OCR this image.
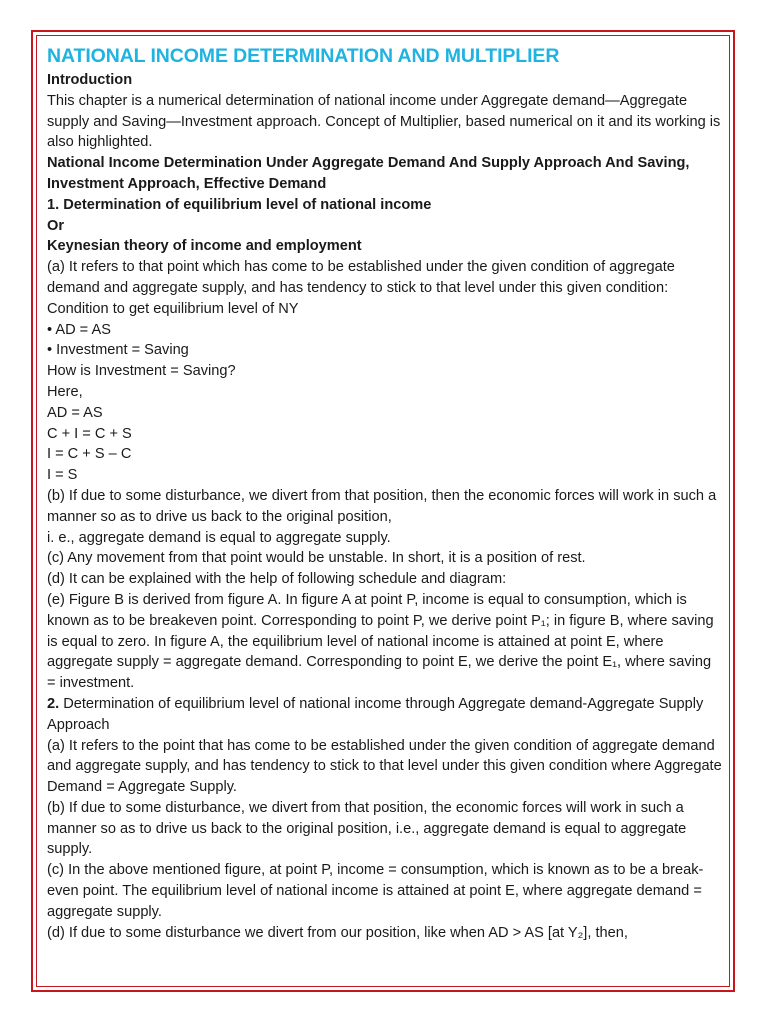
NATIONAL INCOME DETERMINATION AND MULTIPLIER

Introduction

This chapter is a numerical determination of national income under Aggregate demand—Aggregate supply and Saving—Investment approach. Concept of Multiplier, based numerical on it and its working is also highlighted.

National Income Determination Under Aggregate Demand And Supply Approach And Saving, Investment Approach, Effective Demand

1. Determination of equilibrium level of national income

Or

Keynesian theory of income and employment

(a) It refers to that point which has come to be established under the given condition of aggregate demand and aggregate supply, and has tendency to stick to that level under this given condition:

Condition to get equilibrium level of NY

• AD = AS

• Investment = Saving

How is Investment = Saving?

Here,

AD = AS

C + I = C + S

I = C + S – C

I = S

(b) If due to some disturbance, we divert from that position, then the economic forces will work in such a manner so as to drive us back to the original position,

i. e., aggregate demand is equal to aggregate supply.

(c) Any movement from that point would be unstable. In short, it is a position of rest.

(d) It can be explained with the help of following schedule and diagram:

(e) Figure B is derived from figure A. In figure A at point P, income is equal to consumption, which is known as to be breakeven point. Corresponding to point P, we derive point P₁; in figure B, where saving is equal to zero. In figure A, the equilibrium level of national income is attained at point E, where aggregate supply = aggregate demand. Corresponding to point E, we derive the point E₁, where saving = investment.

2. Determination of equilibrium level of national income through Aggregate demand-Aggregate Supply Approach

(a) It refers to the point that has come to be established under the given condition of aggregate demand and aggregate supply, and has tendency to stick to that level under this given condition where Aggregate Demand = Aggregate Supply.

(b) If due to some disturbance, we divert from that position, the economic forces will work in such a manner so as to drive us back to the original position, i.e., aggregate demand is equal to aggregate supply.

(c) In the above mentioned figure, at point P, income = consumption, which is known as to be a break-even point. The equilibrium level of national income is attained at point E, where aggregate demand = aggregate supply.

(d) If due to some disturbance we divert from our position, like when AD > AS [at Y₂], then,
